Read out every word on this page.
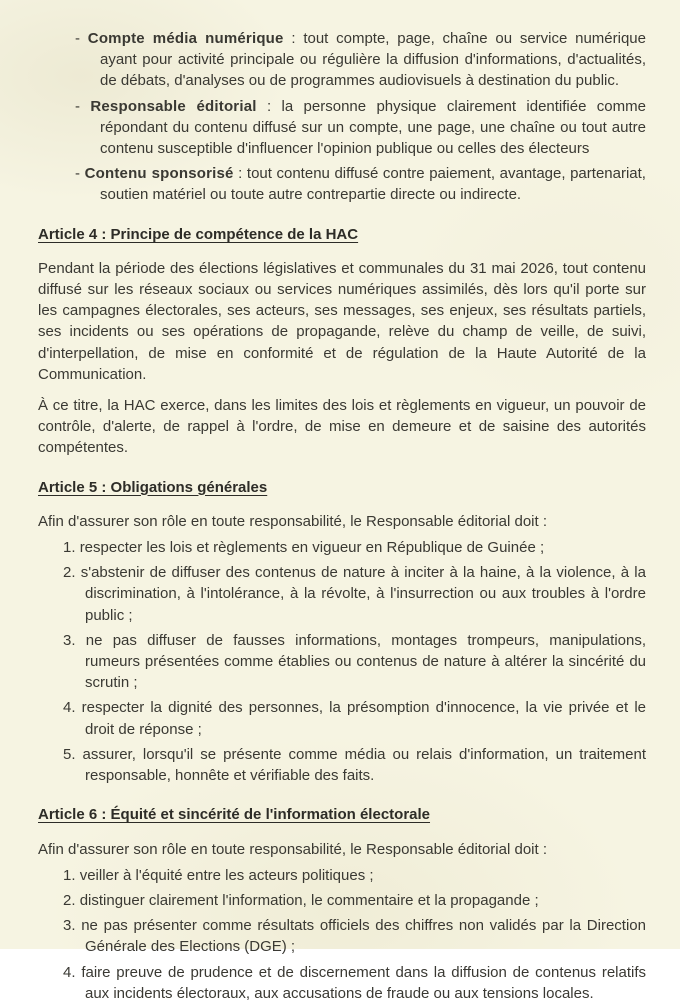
- Compte média numérique : tout compte, page, chaîne ou service numérique ayant pour activité principale ou régulière la diffusion d'informations, d'actualités, de débats, d'analyses ou de programmes audiovisuels à destination du public.
- Responsable éditorial : la personne physique clairement identifiée comme répondant du contenu diffusé sur un compte, une page, une chaîne ou tout autre contenu susceptible d'influencer l'opinion publique ou celles des électeurs
- Contenu sponsorisé : tout contenu diffusé contre paiement, avantage, partenariat, soutien matériel ou toute autre contrepartie directe ou indirecte.
Article 4 : Principe de compétence de la HAC

Pendant la période des élections législatives et communales du 31 mai 2026, tout contenu diffusé sur les réseaux sociaux ou services numériques assimilés, dès lors qu'il porte sur les campagnes électorales, ses acteurs, ses messages, ses enjeux, ses résultats partiels, ses incidents ou ses opérations de propagande, relève du champ de veille, de suivi, d'interpellation, de mise en conformité et de régulation de la Haute Autorité de la Communication.

À ce titre, la HAC exerce, dans les limites des lois et règlements en vigueur, un pouvoir de contrôle, d'alerte, de rappel à l'ordre, de mise en demeure et de saisine des autorités compétentes.

Article 5 : Obligations générales

Afin d'assurer son rôle en toute responsabilité, le Responsable éditorial doit :

1. respecter les lois et règlements en vigueur en République de Guinée ;
2. s'abstenir de diffuser des contenus de nature à inciter à la haine, à la violence, à la discrimination, à l'intolérance, à la révolte, à l'insurrection ou aux troubles à l'ordre public ;
3. ne pas diffuser de fausses informations, montages trompeurs, manipulations, rumeurs présentées comme établies ou contenus de nature à altérer la sincérité du scrutin ;
4. respecter la dignité des personnes, la présomption d'innocence, la vie privée et le droit de réponse ;
5. assurer, lorsqu'il se présente comme média ou relais d'information, un traitement responsable, honnête et vérifiable des faits.
Article 6 : Équité et sincérité de l'information électorale

Afin d'assurer son rôle en toute responsabilité, le Responsable éditorial doit :

1. veiller à l'équité entre les acteurs politiques ;
2. distinguer clairement l'information, le commentaire et la propagande ;
3. ne pas présenter comme résultats officiels des chiffres non validés par la Direction Générale des Elections (DGE) ;
4. faire preuve de prudence et de discernement dans la diffusion de contenus relatifs aux incidents électoraux, aux accusations de fraude ou aux tensions locales.
